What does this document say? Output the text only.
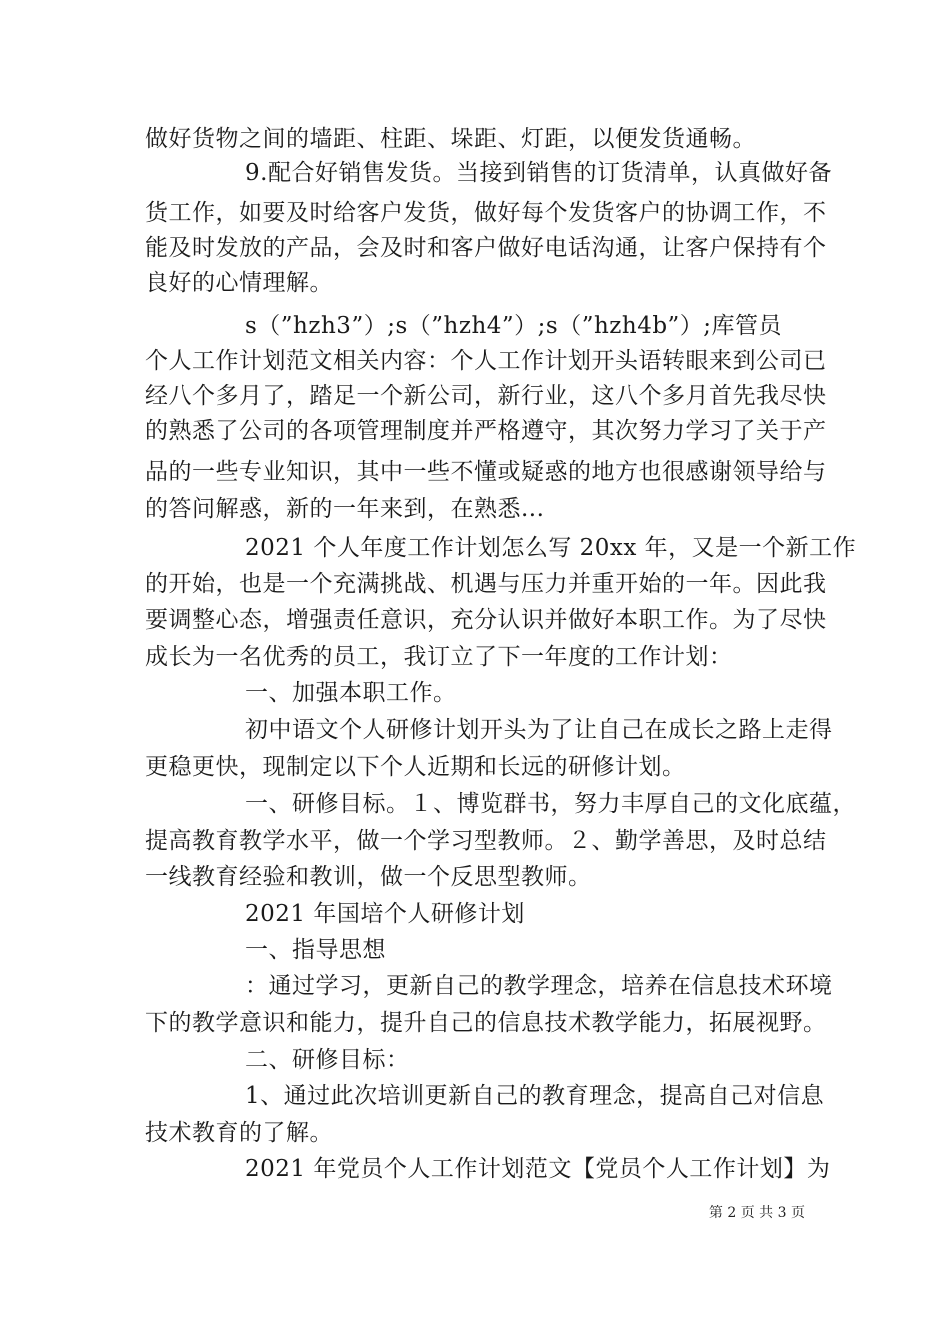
做好货物之间的墙距、柱距、垛距、灯距，以便发货通畅。
9.配合好销售发货。当接到销售的订货清单，认真做好备
货工作，如要及时给客户发货，做好每个发货客户的协调工作，不
能及时发放的产品，会及时和客户做好电话沟通，让客户保持有个
良好的心情理解。
s（”hzh3”）;s（”hzh4”）;s（”hzh4b”）;库管员
个人工作计划范文相关内容：个人工作计划开头语转眼来到公司已
经八个多月了，踏足一个新公司，新行业，这八个多月首先我尽快
的熟悉了公司的各项管理制度并严格遵守，其次努力学习了关于产
品的一些专业知识，其中一些不懂或疑惑的地方也很感谢领导给与
的答问解惑，新的一年来到，在熟悉...
2021 个人年度工作计划怎么写 20xx 年，又是一个新工作
的开始，也是一个充满挑战、机遇与压力并重开始的一年。因此我
要调整心态，增强责任意识，充分认识并做好本职工作。为了尽快
成长为一名优秀的员工，我订立了下一年度的工作计划：
一、加强本职工作。
初中语文个人研修计划开头为了让自己在成长之路上走得
更稳更快，现制定以下个人近期和长远的研修计划。
一、研修目标。１、博览群书，努力丰厚自己的文化底蕴，
提高教育教学水平，做一个学习型教师。２、勤学善思，及时总结
一线教育经验和教训，做一个反思型教师。
2021 年国培个人研修计划
一、指导思想
：通过学习，更新自己的教学理念，培养在信息技术环境
下的教学意识和能力，提升自己的信息技术教学能力，拓展视野。
二、研修目标：
1、通过此次培训更新自己的教育理念，提高自己对信息
技术教育的了解。
2021 年党员个人工作计划范文【党员个人工作计划】为
第 2 页 共 3 页
